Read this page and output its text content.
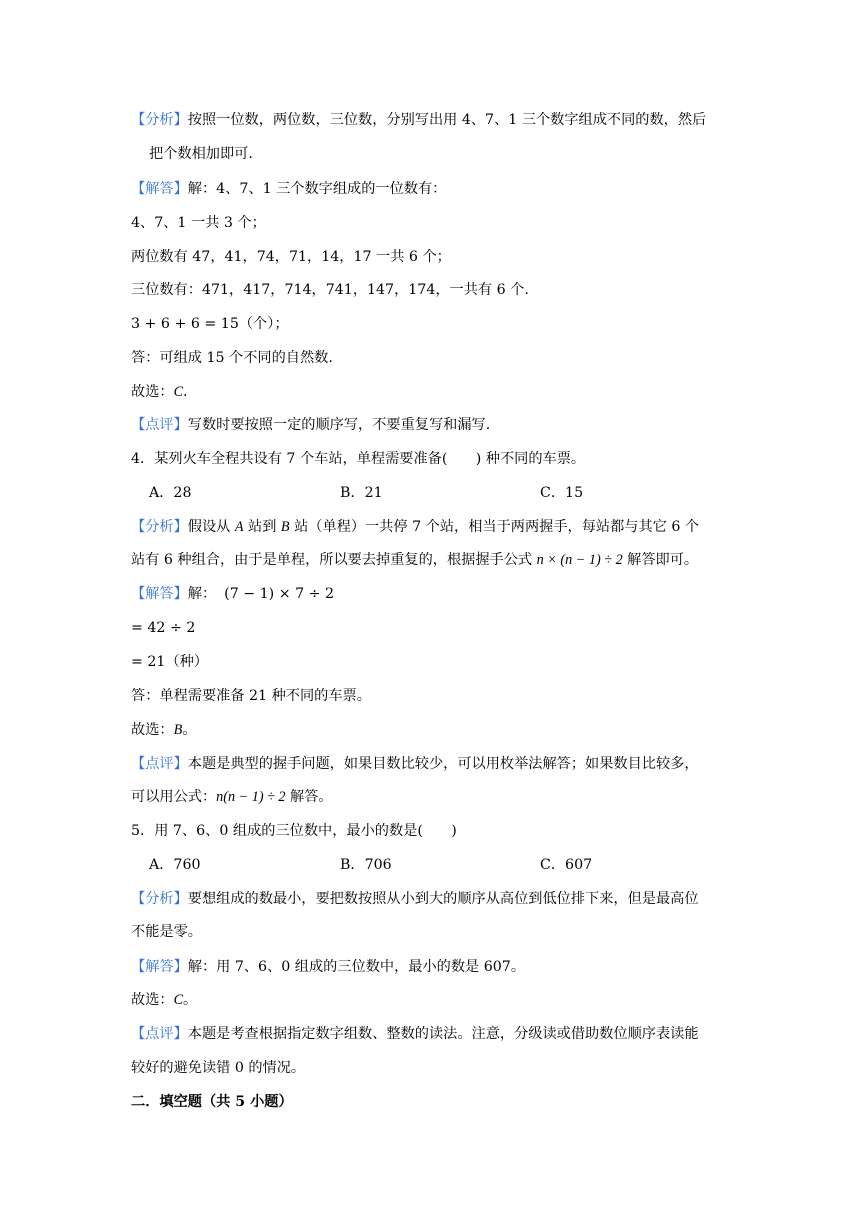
【分析】按照一位数，两位数，三位数，分别写出用 4、7、1 三个数字组成不同的数，然后
把个数相加即可.
【解答】解：4、7、1 三个数字组成的一位数有：
4、7、1 一共 3 个；
两位数有 47，41，74，71，14，17 一共 6 个；
三位数有：471，417，714，741，147，174，一共有 6 个.
3 + 6 + 6 = 15（个）；
答：可组成 15 个不同的自然数.
故选：C.
【点评】写数时要按照一定的顺序写，不要重复写和漏写.
4．某列火车全程共设有 7 个车站，单程需要准备(　　) 种不同的车票。
A．28	B．21	C．15
【分析】假设从 A 站到 B 站（单程）一共停 7 个站，相当于两两握手，每站都与其它 6 个
站有 6 种组合，由于是单程，所以要去掉重复的，根据握手公式 n × (n − 1) ÷ 2 解答即可。
【解答】解： (7 − 1) × 7 ÷ 2
= 42 ÷ 2
= 21（种）
答：单程需要准备 21 种不同的车票。
故选：B。
【点评】本题是典型的握手问题，如果目数比较少，可以用枚举法解答；如果数目比较多，
可以用公式：n(n − 1) ÷ 2 解答。
5．用 7、6、0 组成的三位数中，最小的数是(　　)
A．760	B．706	C．607
【分析】要想组成的数最小，要把数按照从小到大的顺序从高位到低位排下来，但是最高位
不能是零。
【解答】解：用 7、6、0 组成的三位数中，最小的数是 607。
故选：C。
【点评】本题是考查根据指定数字组数、整数的读法。注意，分级读或借助数位顺序表读能
较好的避免读错 0 的情况。
二．填空题（共 5 小题）
